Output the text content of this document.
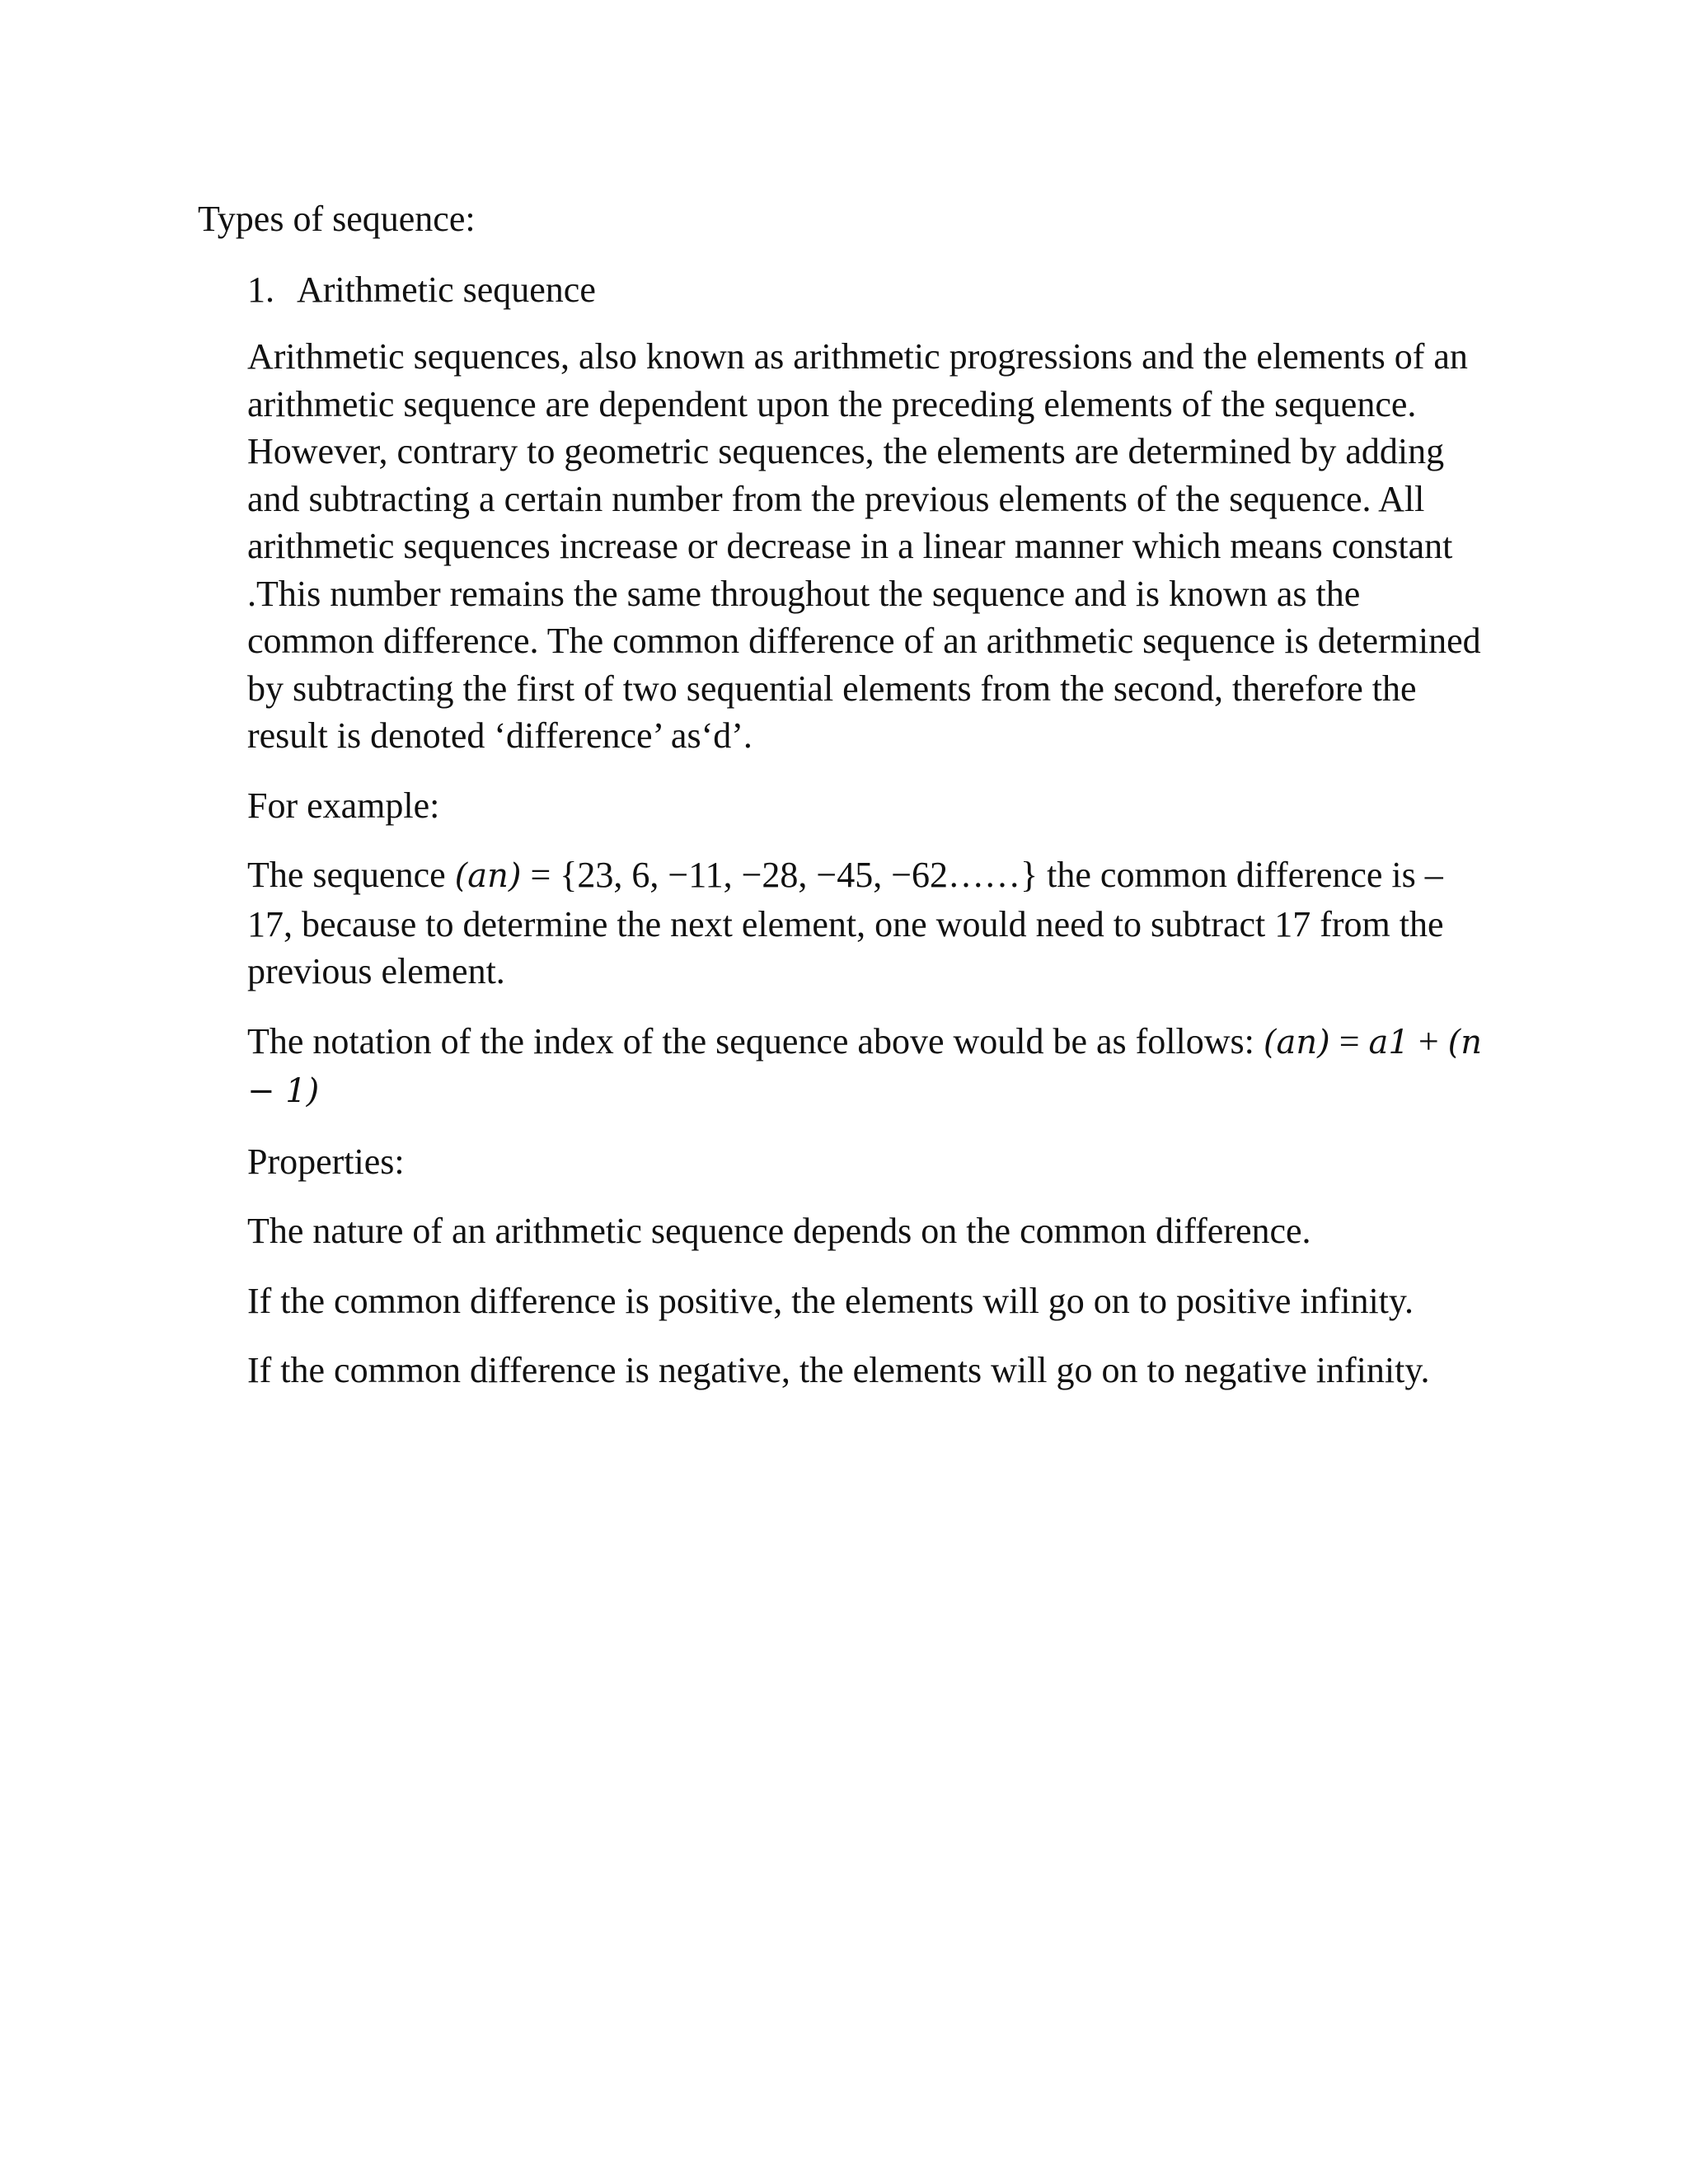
Types of sequence:

1. Arithmetic sequence

Arithmetic sequences, also known as arithmetic progressions and the elements of an arithmetic sequence are dependent upon the preceding elements of the sequence. However, contrary to geometric sequences, the elements are determined by adding and subtracting a certain number from the previous elements of the sequence. All arithmetic sequences increase or decrease in a linear manner which means constant .This number remains the same throughout the sequence and is known as the common difference. The common difference of an arithmetic sequence is determined by subtracting the first of two sequential elements from the second, therefore the result is denoted ‘difference’ as‘d’.

For example:

The sequence (an) = {23, 6, −11, −28, −45, −62……} the common difference is – 17, because to determine the next element, one would need to subtract 17 from the previous element.

The notation of the index of the sequence above would be as follows: (an) = a1 + (n − 1)

Properties:

The nature of an arithmetic sequence depends on the common difference.

If the common difference is positive, the elements will go on to positive infinity.

If the common difference is negative, the elements will go on to negative infinity.
